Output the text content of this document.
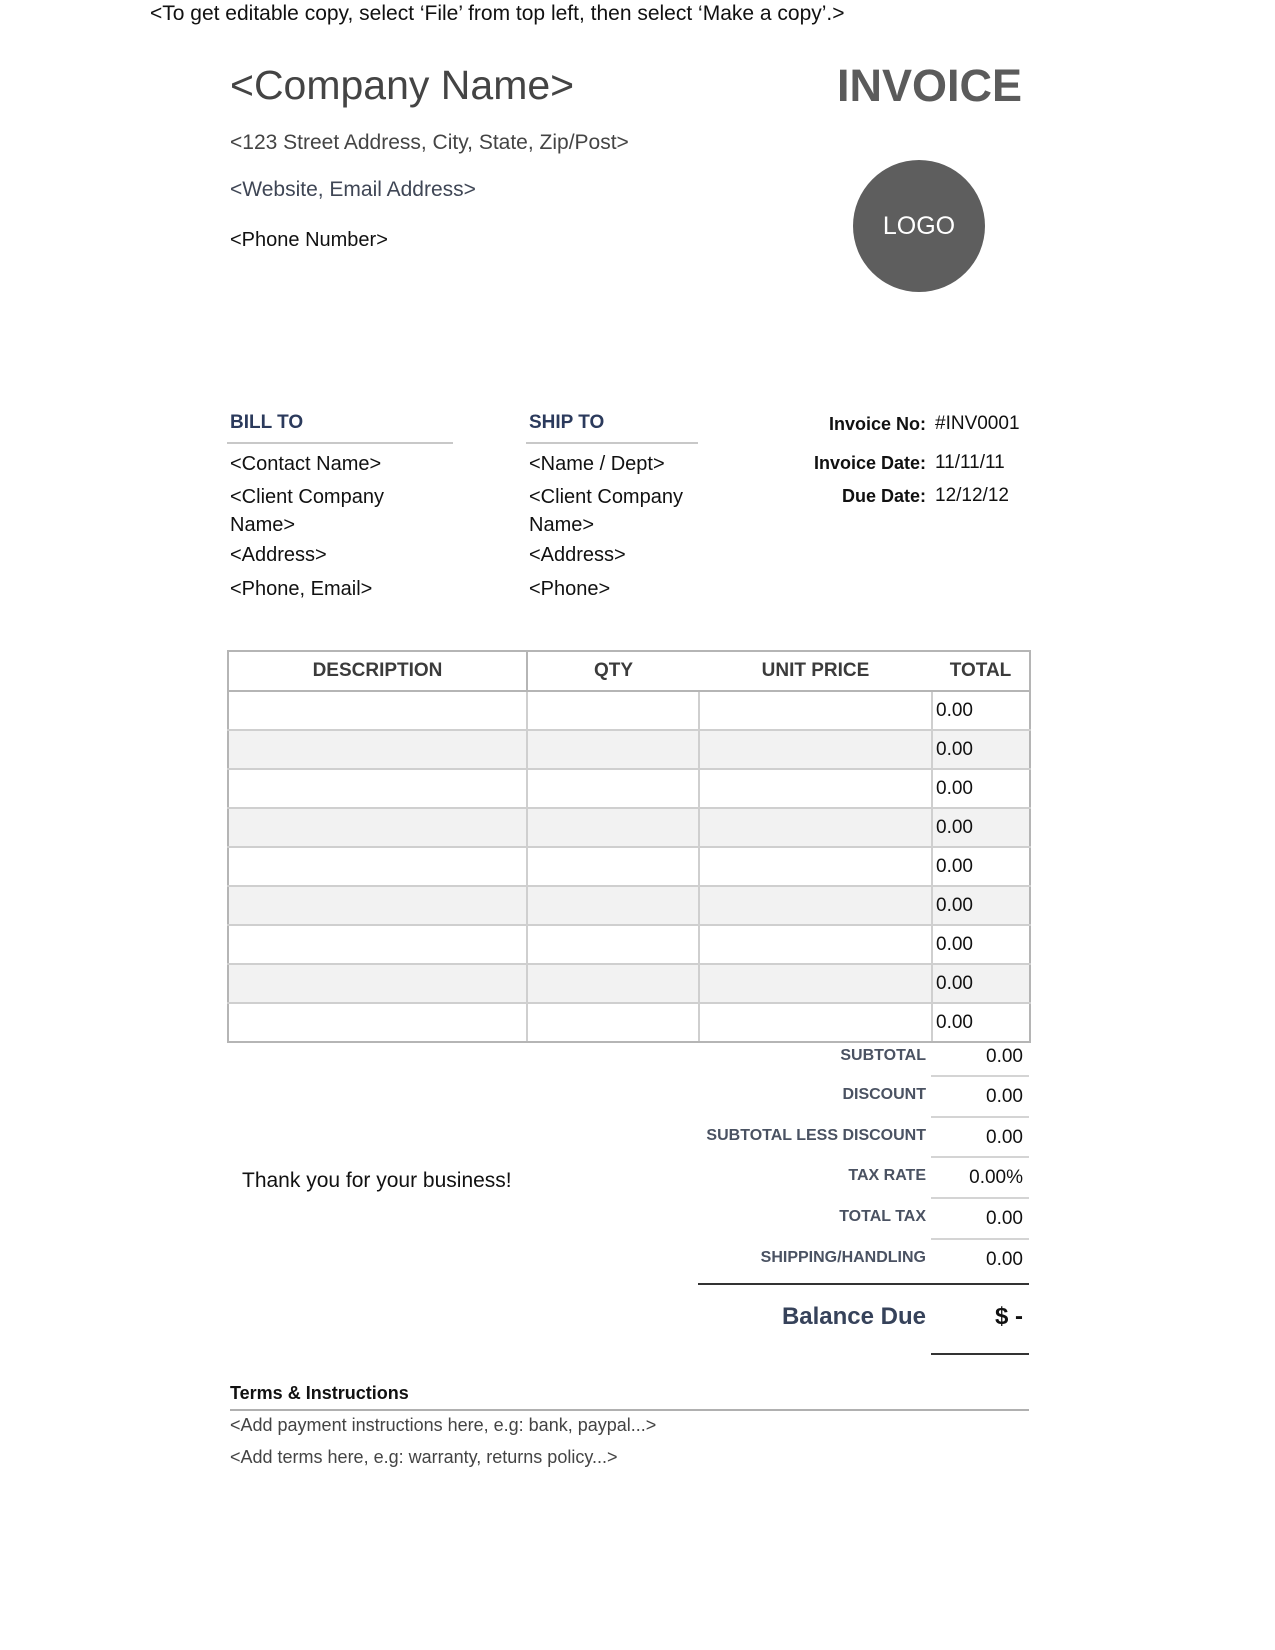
<To get editable copy, select ‘File’ from top left, then select ‘Make a copy’.>
<Company Name>	INVOICE
<123 Street Address, City, State, Zip/Post>
<Website, Email Address>
<Phone Number>
LOGO
BILL TO
<Contact Name>
<Client Company
Name>
<Address>
<Phone, Email>
SHIP TO
<Name / Dept>
<Client Company
Name>
<Address>
<Phone>
Invoice No: #INV0001
Invoice Date: 11/11/11
Due Date: 12/12/12
DESCRIPTION	QTY	UNIT PRICE	TOTAL
			0.00
			0.00
			0.00
			0.00
			0.00
			0.00
			0.00
			0.00
			0.00
SUBTOTAL	0.00
DISCOUNT	0.00
SUBTOTAL LESS DISCOUNT	0.00
TAX RATE	0.00%
TOTAL TAX	0.00
SHIPPING/HANDLING	0.00
Thank you for your business!
Balance Due	$ -
Terms & Instructions
<Add payment instructions here, e.g: bank, paypal...>
<Add terms here, e.g: warranty, returns policy...>
